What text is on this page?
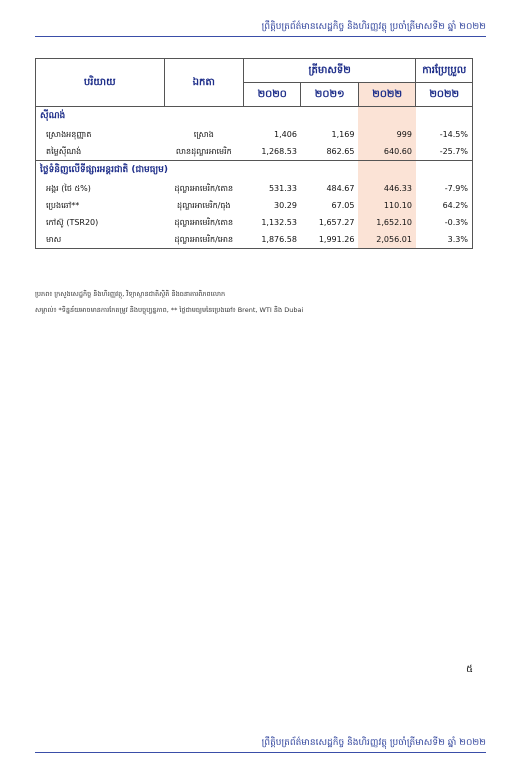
ព្រឹត្តិបត្រព័ត៌មានសេដ្ឋកិច្ច និងហិរញ្ញវត្ថុ ប្រចាំត្រីមាសទី២ ឆ្នាំ ២០២២
បរិយាយ	ឯកតា	ត្រីមាសទី២			ការប្រែប្រួល
		២០២០	២០២១	២០២២	២០២២
ស៊ីណង់					
ស្រោងអនុញ្ញាត	ស្រោង	1,406	1,169	999	-14.5%
តម្លៃស៊ីណង់	លានដុល្លារអាមេរិក	1,268.53	862.65	640.60	-25.7%
ថ្លៃទំនិញលើទីផ្សារអន្តរជាតិ (ជាមធ្យម)					
អង្ករ (ថៃ ៥%)	ដុល្លារអាមេរិក/តោន	531.33	484.67	446.33	-7.9%
ប្រេងឆៅ**	ដុល្លារអាមេរិក/ធុង	30.29	67.05	110.10	64.2%
កៅស៊ូ (TSR20)	ដុល្លារអាមេរិក/តោន	1,132.53	1,657.27	1,652.10	-0.3%
មាស	ដុល្លារអាមេរិក/អោន	1,876.58	1,991.26	2,056.01	3.3%
ប្រភព៖ ក្រសួងសេដ្ឋកិច្ច និងហិរញ្ញវត្ថុ, វិទ្យាស្ថានជាតិស្ថិតិ និងធនាគារពិភពលោក
សម្គាល់៖ *ទិន្នន័យអាចមានការកែតម្រូវ និងបច្ចុប្បន្នភាព, ** ថ្លៃជាមធ្យមនៃប្រេងឆៅ៖ Brent, WTI និង Dubai
៥
ព្រឹត្តិបត្រព័ត៌មានសេដ្ឋកិច្ច និងហិរញ្ញវត្ថុ ប្រចាំត្រីមាសទី២ ឆ្នាំ ២០២២
